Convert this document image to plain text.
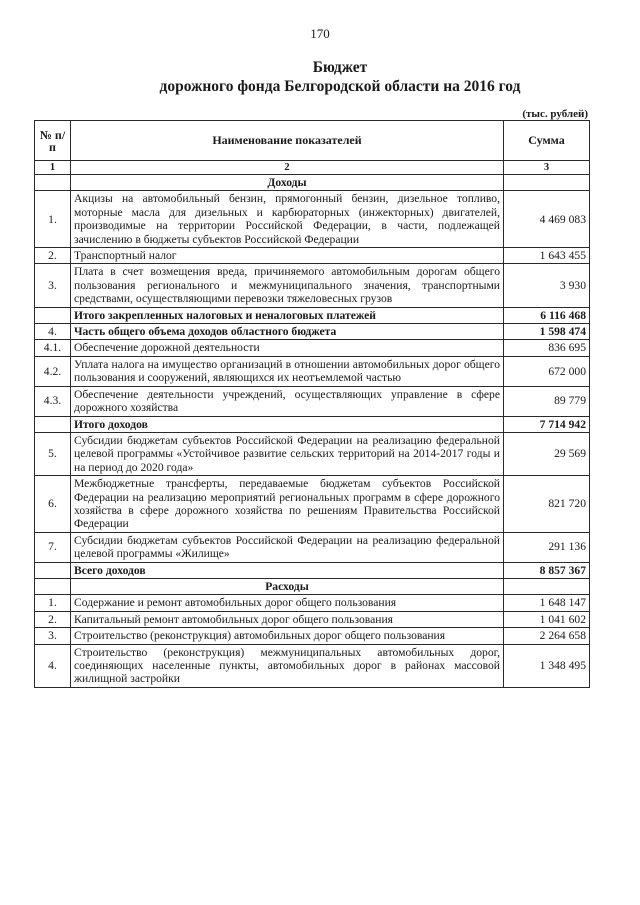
170
Бюджет
дорожного фонда Белгородской области на 2016 год
(тыс. рублей)
№ п/п	Наименование показателей	Сумма
1	2	3
	Доходы	
1.	Акцизы на автомобильный бензин, прямогонный бензин, дизельное топливо, моторные масла для дизельных и карбюраторных (инжекторных) двигателей, производимые на территории Российской Федерации, в части, подлежащей зачислению в бюджеты субъектов Российской Федерации	4 469 083
2.	Транспортный налог	1 643 455
3.	Плата в счет возмещения вреда, причиняемого автомобильным дорогам общего пользования регионального и межмуниципального значения, транспортными средствами, осуществляющими перевозки тяжеловесных грузов	3 930
	Итого закрепленных налоговых и неналоговых платежей	6 116 468
4.	Часть общего объема доходов областного бюджета	1 598 474
4.1.	Обеспечение дорожной деятельности	836 695
4.2.	Уплата налога на имущество организаций в отношении автомобильных дорог общего пользования и сооружений, являющихся их неотъемлемой частью	672 000
4.3.	Обеспечение деятельности учреждений, осуществляющих управление в сфере дорожного хозяйства	89 779
	Итого доходов	7 714 942
5.	Субсидии бюджетам субъектов Российской Федерации на реализацию федеральной целевой программы «Устойчивое развитие сельских территорий на 2014-2017 годы и на период до 2020 года»	29 569
6.	Межбюджетные трансферты, передаваемые бюджетам субъектов Российской Федерации на реализацию мероприятий региональных программ в сфере дорожного хозяйства в сфере дорожного хозяйства по решениям Правительства Российской Федерации	821 720
7.	Субсидии бюджетам субъектов Российской Федерации на реализацию федеральной целевой программы «Жилище»	291 136
	Всего доходов	8 857 367
	Расходы	
1.	Содержание и ремонт автомобильных дорог общего пользования	1 648 147
2.	Капитальный ремонт автомобильных дорог общего пользования	1 041 602
3.	Строительство (реконструкция) автомобильных дорог общего пользования	2 264 658
4.	Строительство (реконструкция) межмуниципальных автомобильных дорог, соединяющих населенные пункты, автомобильных дорог в районах массовой жилищной застройки	1 348 495
